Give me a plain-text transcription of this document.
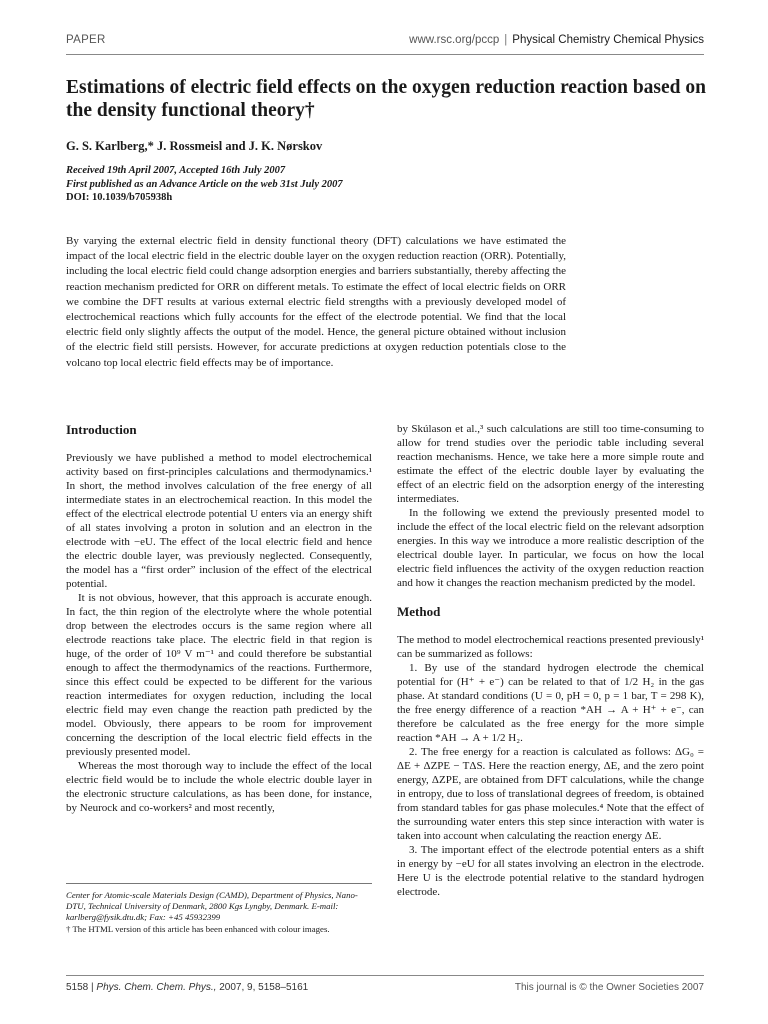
PAPER	www.rsc.org/pccp | Physical Chemistry Chemical Physics
Estimations of electric field effects on the oxygen reduction reaction based on the density functional theory†
G. S. Karlberg,* J. Rossmeisl and J. K. Nørskov
Received 19th April 2007, Accepted 16th July 2007
First published as an Advance Article on the web 31st July 2007
DOI: 10.1039/b705938h
By varying the external electric field in density functional theory (DFT) calculations we have estimated the impact of the local electric field in the electric double layer on the oxygen reduction reaction (ORR). Potentially, including the local electric field could change adsorption energies and barriers substantially, thereby affecting the reaction mechanism predicted for ORR on different metals. To estimate the effect of local electric fields on ORR we combine the DFT results at various external electric field strengths with a previously developed model of electrochemical reactions which fully accounts for the effect of the electrode potential. We find that the local electric field only slightly affects the output of the model. Hence, the general picture obtained without inclusion of the electric field still persists. However, for accurate predictions at oxygen reduction potentials close to the volcano top local electric field effects may be of importance.
Introduction

Previously we have published a method to model electrochemical activity based on first-principles calculations and thermodynamics.¹ In short, the method involves calculation of the free energy of all intermediate states in an electrochemical reaction. In this model the effect of the electrical electrode potential U enters via an energy shift of all states involving a proton in solution and an electron in the electrode with −eU. The effect of the local electric field and hence the electric double layer, was previously neglected. Consequently, the model has a “first order” inclusion of the effect of the electrical potential.

It is not obvious, however, that this approach is accurate enough. In fact, the thin region of the electrolyte where the whole potential drop between the electrodes occurs is the same region where all electrode reactions take place. The electric field in that region is huge, of the order of 10⁹ V m⁻¹ and could therefore be substantial enough to affect the thermodynamics of the reactions. Furthermore, since this effect could be expected to be different for the various reaction intermediates for oxygen reduction, including the local electric field may even change the reaction path predicted by the model. Obviously, there appears to be room for improvement concerning the description of the local electric field effects in the previously presented model.

Whereas the most thorough way to include the effect of the local electric field would be to include the whole electric double layer in the electronic structure calculations, as has been done, for instance, by Neurock and co-workers² and most recently,

by Skúlason et al.,³ such calculations are still too time-consuming to allow for trend studies over the periodic table including several reaction mechanisms. Hence, we take here a more simple route and estimate the effect of the electric double layer by evaluating the effect of an electric field on the adsorption energy of the interesting intermediates.

In the following we extend the previously presented model to include the effect of the local electric field on the relevant adsorption energies. In this way we introduce a more realistic description of the electrical double layer. In particular, we focus on how the local electric field influences the activity of the oxygen reduction reaction and how it changes the reaction mechanism predicted by the model.

Method

The method to model electrochemical reactions presented previously¹ can be summarized as follows:

1. By use of the standard hydrogen electrode the chemical potential for (H⁺ + e⁻) can be related to that of 1/2 H₂ in the gas phase. At standard conditions (U = 0, pH = 0, p = 1 bar, T = 298 K), the free energy difference of a reaction *AH → A + H⁺ + e⁻, can therefore be calculated as the free energy for the more simple reaction *AH → A + 1/2 H₂.

2. The free energy for a reaction is calculated as follows: ΔG₀ = ΔE + ΔZPE − TΔS. Here the reaction energy, ΔE, and the zero point energy, ΔZPE, are obtained from DFT calculations, while the change in entropy, due to loss of translational degrees of freedom, is obtained from standard tables for gas phase molecules.⁴ Note that the effect of the surrounding water enters this step since interaction with water is taken into account when calculating the reaction energy ΔE.

3. The important effect of the electrode potential enters as a shift in energy by −eU for all states involving an electron in the electrode. Here U is the electrode potential relative to the standard hydrogen electrode.

Center for Atomic-scale Materials Design (CAMD), Department of Physics, Nano-DTU, Technical University of Denmark, 2800 Kgs Lyngby, Denmark. E-mail: karlberg@fysik.dtu.dk; Fax: +45 45932399
† The HTML version of this article has been enhanced with colour images.
5158 | Phys. Chem. Chem. Phys., 2007, 9, 5158–5161	This journal is © the Owner Societies 2007
